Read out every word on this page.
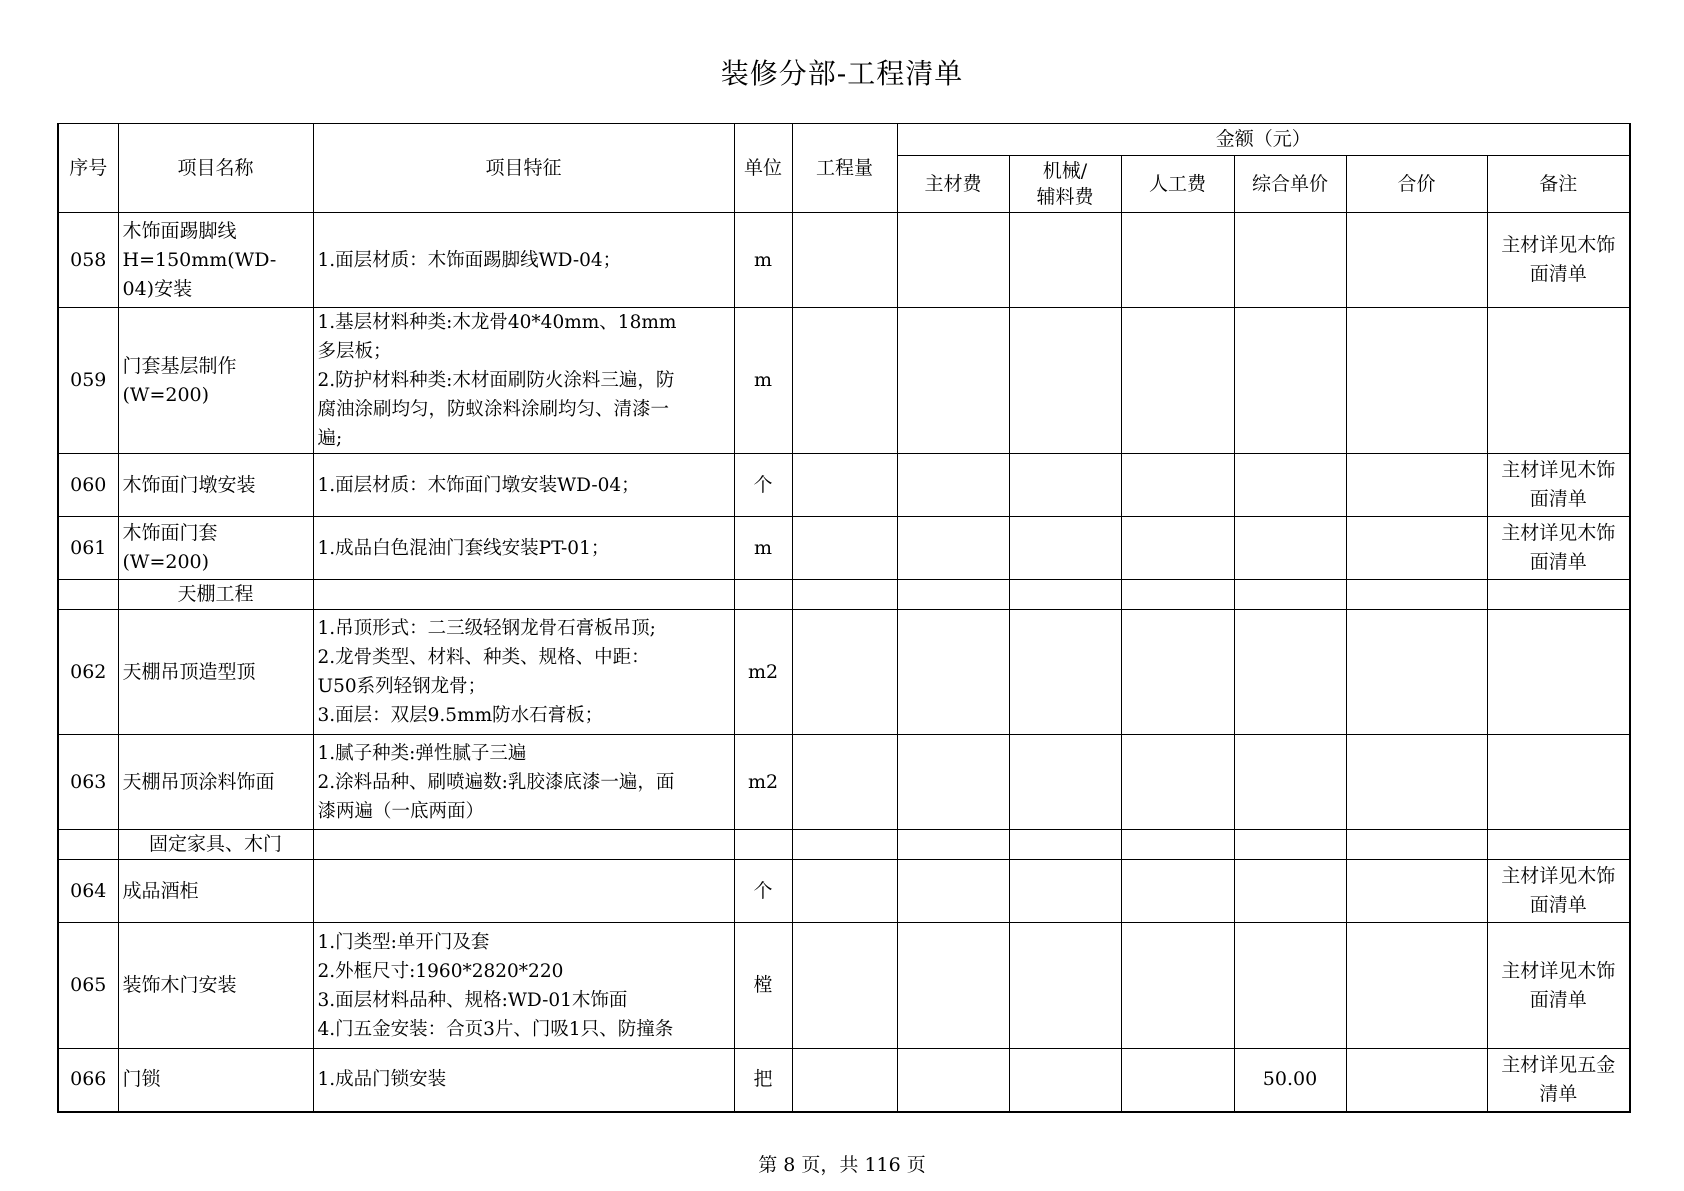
装修分部-工程清单
序号	项目名称	项目特征	单位	工程量	金额（元）					
					主材费	机械/
辅料费	人工费	综合单价	合价	备注
058	木饰面踢脚线
H=150mm(WD-
04)安装	1.面层材质：木饰面踢脚线WD-04；	m							主材详见木饰
面清单
059	门套基层制作
(W=200)	1.基层材料种类:木龙骨40*40mm、18mm
多层板；
2.防护材料种类:木材面刷防火涂料三遍，防
腐油涂刷均匀，防蚁涂料涂刷均匀、清漆一
遍;	m							
060	木饰面门墩安装	1.面层材质：木饰面门墩安装WD-04；	个							主材详见木饰
面清单
061	木饰面门套
(W=200)	1.成品白色混油门套线安装PT-01；	m							主材详见木饰
面清单
	天棚工程									
062	天棚吊顶造型顶	1.吊顶形式：二三级轻钢龙骨石膏板吊顶;
2.龙骨类型、材料、种类、规格、中距：
U50系列轻钢龙骨；
3.面层：双层9.5mm防水石膏板；	m2							
063	天棚吊顶涂料饰面	1.腻子种类:弹性腻子三遍
2.涂料品种、刷喷遍数:乳胶漆底漆一遍，面
漆两遍（一底两面）	m2							
	固定家具、木门									
064	成品酒柜		个							主材详见木饰
面清单
065	装饰木门安装	1.门类型:单开门及套
2.外框尺寸:1960*2820*220
3.面层材料品种、规格:WD-01木饰面
4.门五金安装：合页3片、门吸1只、防撞条	樘							主材详见木饰
面清单
066	门锁	1.成品门锁安装	把					50.00		主材详见五金
清单
第 8 页，共 116 页
